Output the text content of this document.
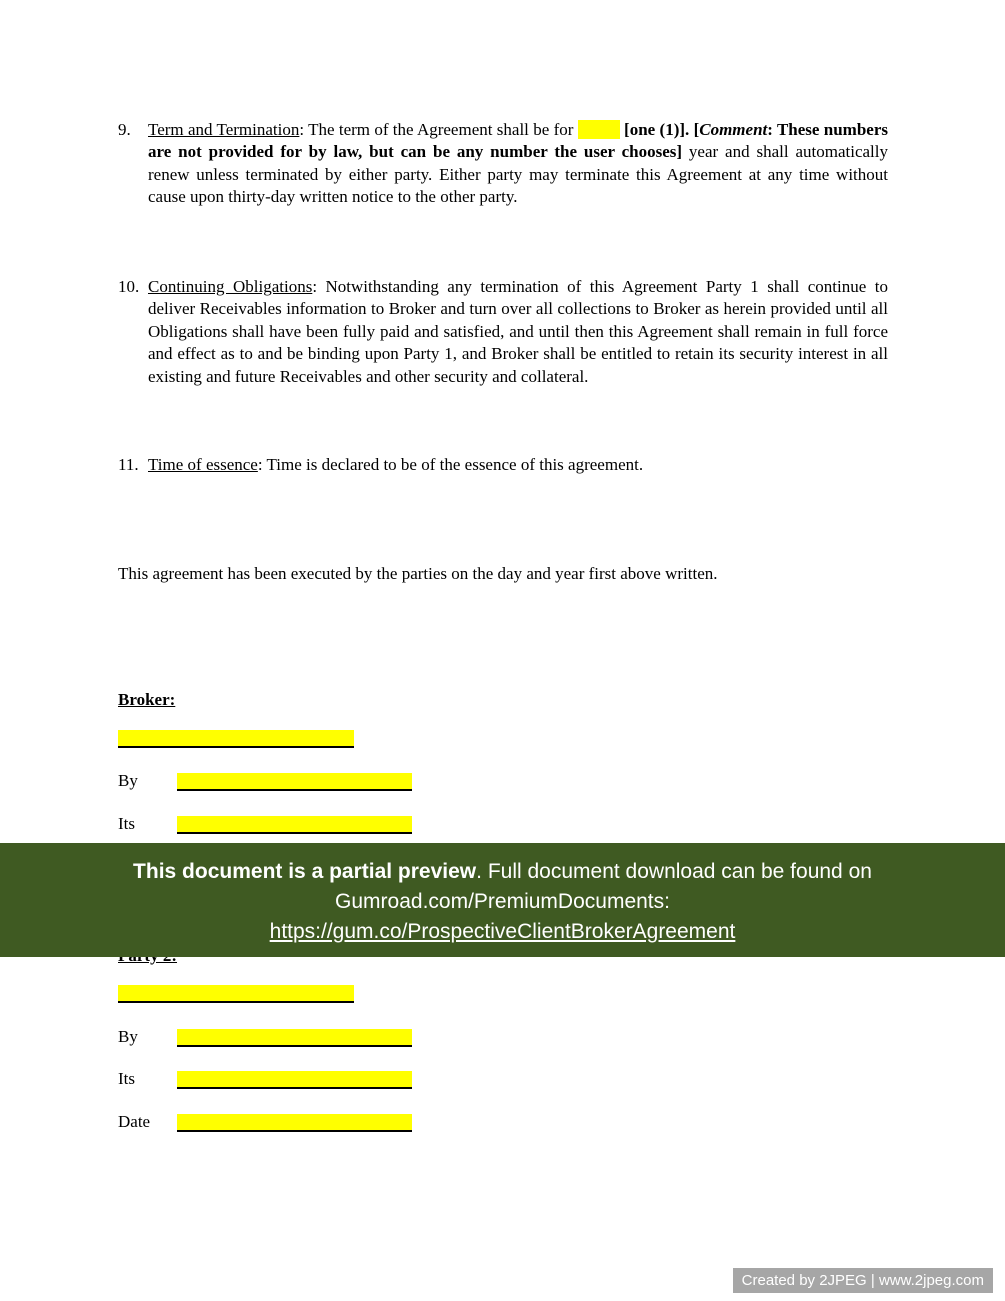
9. Term and Termination: The term of the Agreement shall be for [one (1)]. [Comment: These numbers are not provided for by law, but can be any number the user chooses] year and shall automatically renew unless terminated by either party. Either party may terminate this Agreement at any time without cause upon thirty-day written notice to the other party.
10. Continuing Obligations: Notwithstanding any termination of this Agreement Party 1 shall continue to deliver Receivables information to Broker and turn over all collections to Broker as herein provided until all Obligations shall have been fully paid and satisfied, and until then this Agreement shall remain in full force and effect as to and be binding upon Party 1, and Broker shall be entitled to retain its security interest in all existing and future Receivables and other security and collateral.
11. Time of essence: Time is declared to be of the essence of this agreement.
This agreement has been executed by the parties on the day and year first above written.
Broker:
By
Its
This document is a partial preview. Full document download can be found on
Gumroad.com/PremiumDocuments:
https://gum.co/ProspectiveClientBrokerAgreement
By
Its
Date
Created by 2JPEG | www.2jpeg.com
